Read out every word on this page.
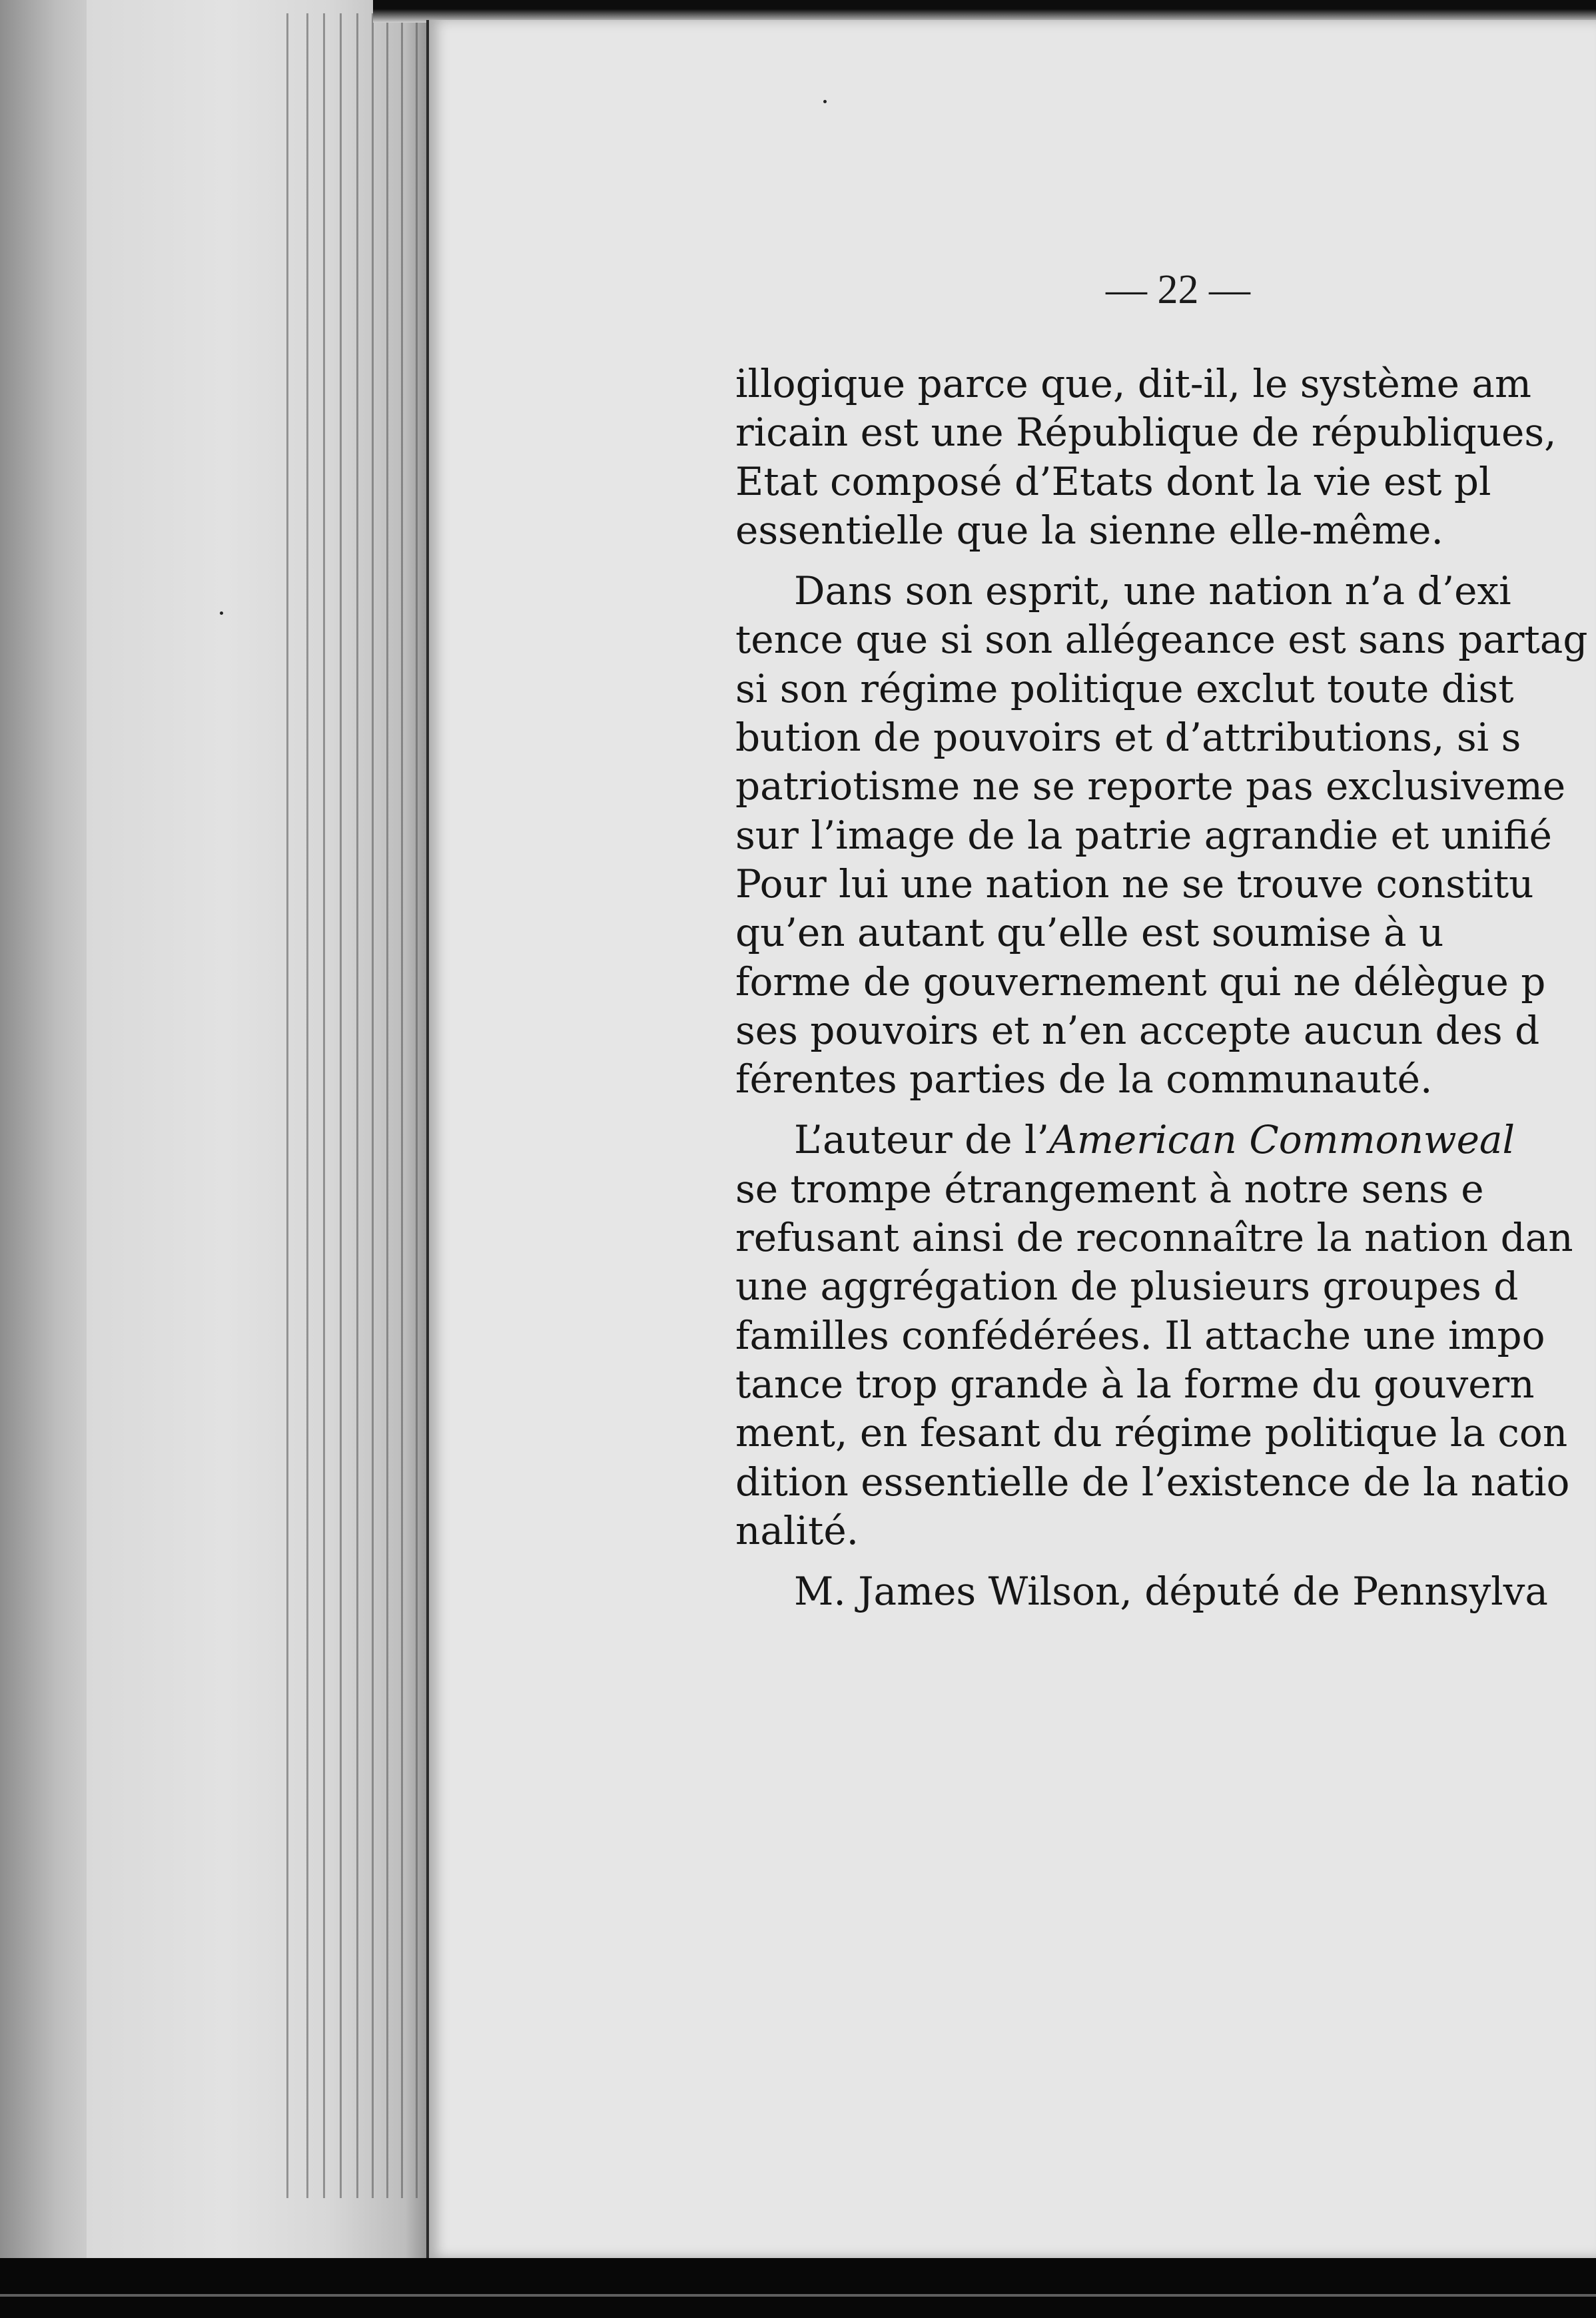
— 22 —
illogique parce que, dit-il, le système am
ricain est une République de républiques,
Etat composé d’Etats dont la vie est pl
essentielle que la sienne elle-même.
Dans son esprit, une nation n’a d’exi
tence que si son allégeance est sans partag
si son régime politique exclut toute dist
bution de pouvoirs et d’attributions, si s
patriotisme ne se reporte pas exclusiveme
sur l’image de la patrie agrandie et unifié
Pour lui une nation ne se trouve constitu
qu’en autant qu’elle est soumise à u
forme de gouvernement qui ne délègue p
ses pouvoirs et n’en accepte aucun des d
férentes parties de la communauté.
L’auteur de l’American Commonweal
se trompe étrangement à notre sens e
refusant ainsi de reconnaître la nation dan
une aggrégation de plusieurs groupes d
familles confédérées. Il attache une impo
tance trop grande à la forme du gouvern
ment, en fesant du régime politique la con
dition essentielle de l’existence de la natio
nalité.
M. James Wilson, député de Pennsylva
